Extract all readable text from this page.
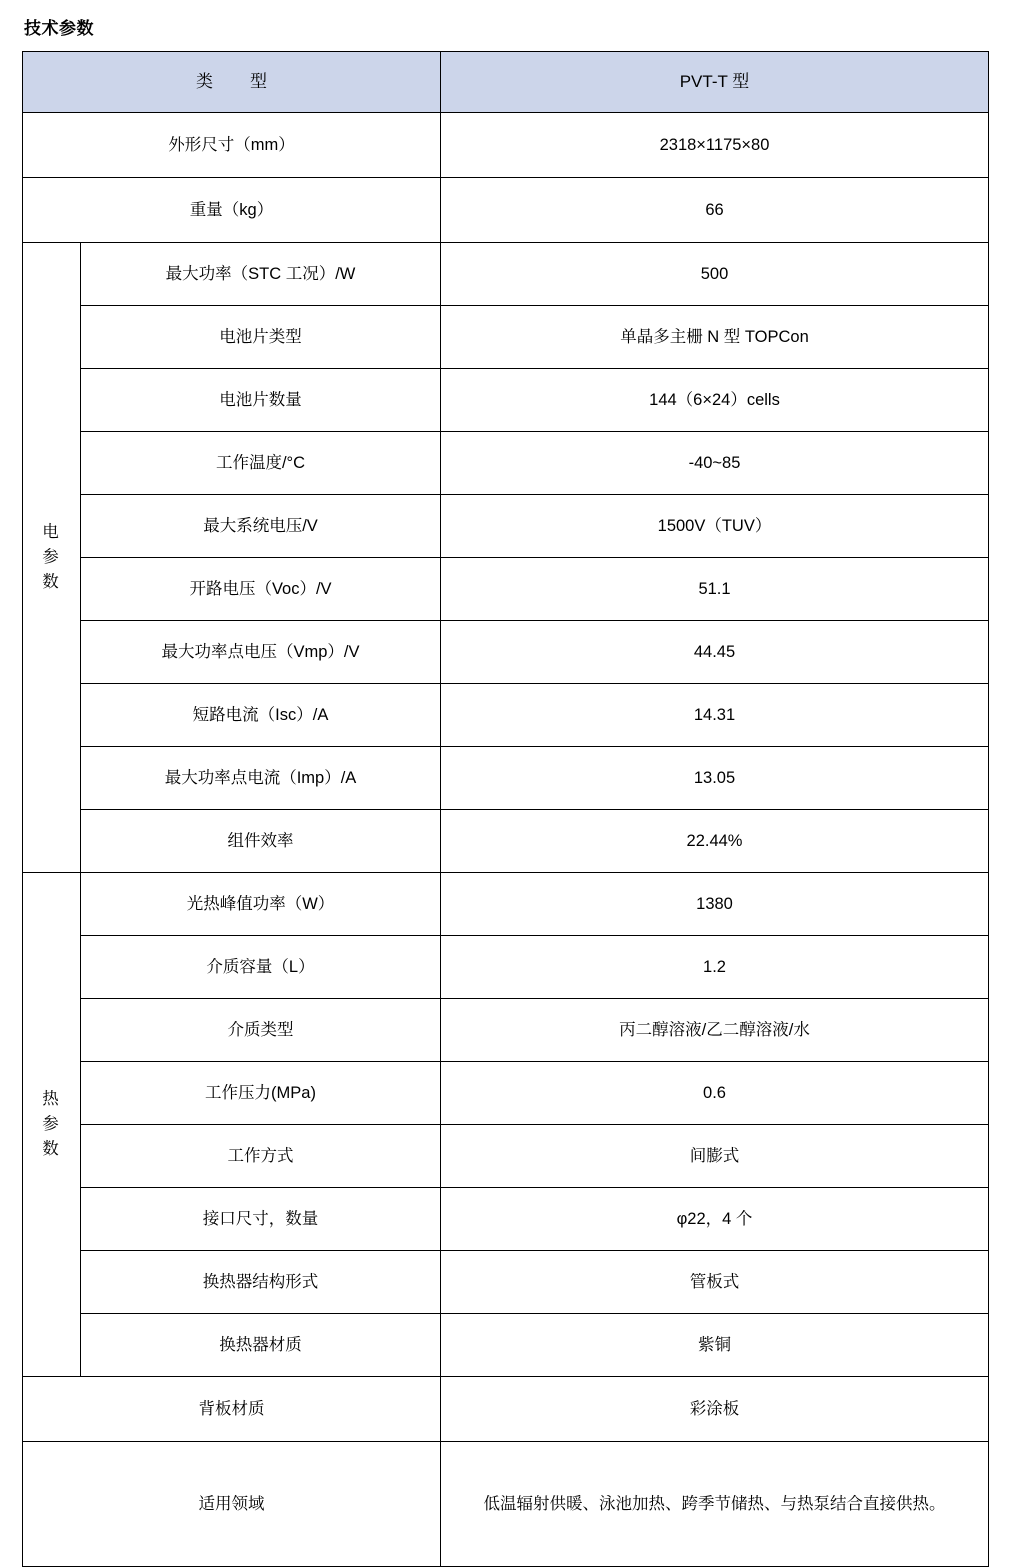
技术参数
类　型		PVT-T 型
外形尺寸（mm）		2318×1175×80
重量（kg）		66

电
参
数	最大功率（STC 工况）/W	500
	电池片类型	单晶多主栅 N 型 TOPCon
	电池片数量	144（6×24）cells
	工作温度/°C	-40~85
	最大系统电压/V	1500V（TUV）
	开路电压（Voc）/V	51.1
	最大功率点电压（Vmp）/V	44.45
	短路电流（Isc）/A	14.31
	最大功率点电流（Imp）/A	13.05
	组件效率	22.44%

热
参
数	光热峰值功率（W）	1380
	介质容量（L）	1.2
	介质类型	丙二醇溶液/乙二醇溶液/水
	工作压力(MPa)	0.6
	工作方式	间膨式
	接口尺寸，数量	φ22，4 个
	换热器结构形式	管板式
	换热器材质	紫铜
背板材质		彩涂板
适用领域		低温辐射供暖、泳池加热、跨季节储热、与热泵结合直接供热。
